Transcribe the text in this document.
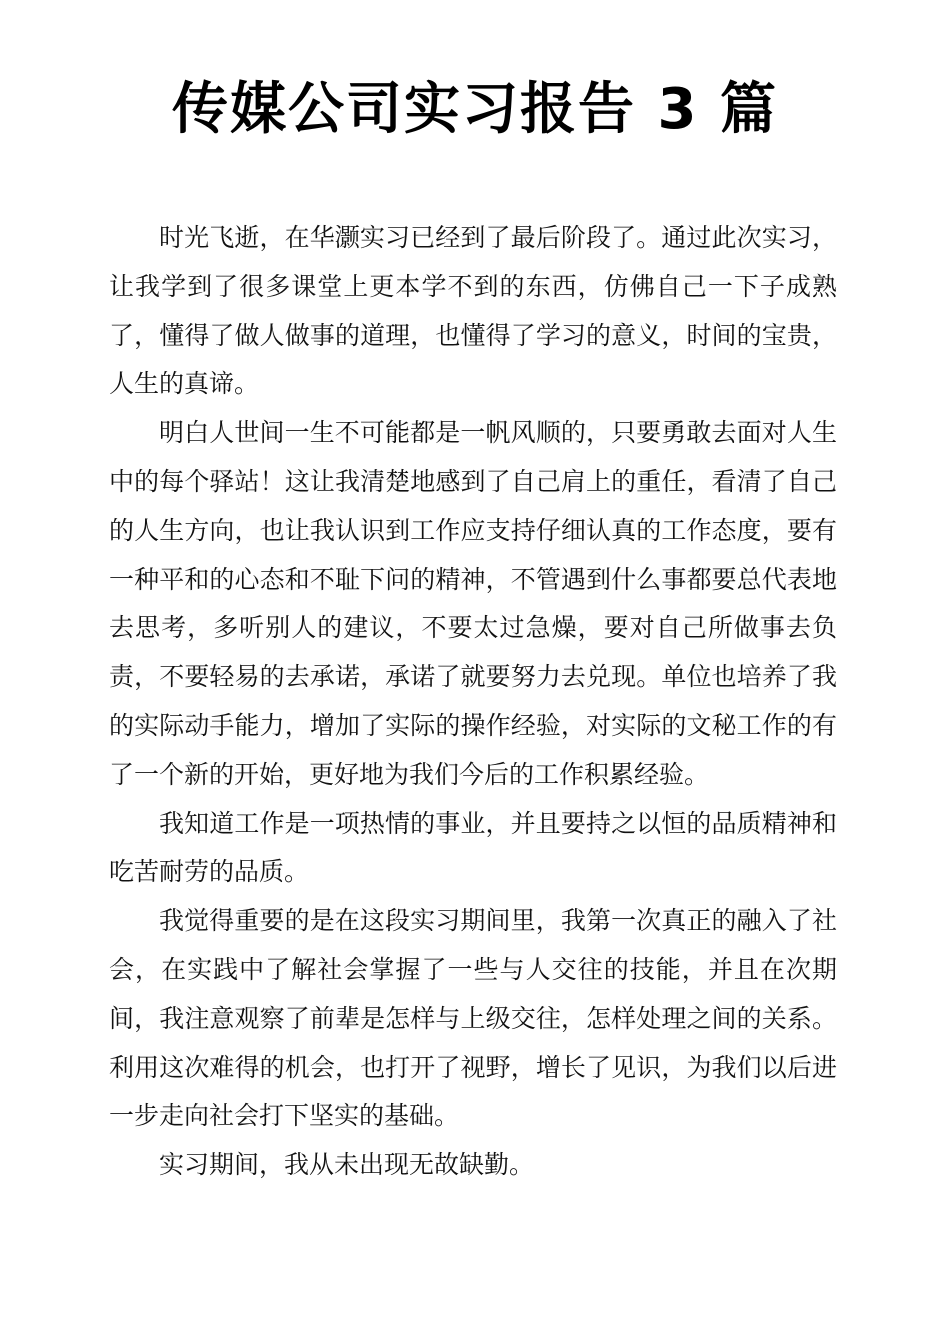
传媒公司实习报告 3 篇

时光飞逝，在华灏实习已经到了最后阶段了。通过此次实习，让我学到了很多课堂上更本学不到的东西，仿佛自己一下子成熟了，懂得了做人做事的道理，也懂得了学习的意义，时间的宝贵，人生的真谛。

明白人世间一生不可能都是一帆风顺的，只要勇敢去面对人生中的每个驿站！这让我清楚地感到了自己肩上的重任，看清了自己的人生方向，也让我认识到工作应支持仔细认真的工作态度，要有一种平和的心态和不耻下问的精神，不管遇到什么事都要总代表地去思考，多听别人的建议，不要太过急燥，要对自己所做事去负责，不要轻易的去承诺，承诺了就要努力去兑现。单位也培养了我的实际动手能力，增加了实际的操作经验，对实际的文秘工作的有了一个新的开始，更好地为我们今后的工作积累经验。

我知道工作是一项热情的事业，并且要持之以恒的品质精神和吃苦耐劳的品质。

我觉得重要的是在这段实习期间里，我第一次真正的融入了社会，在实践中了解社会掌握了一些与人交往的技能，并且在次期间，我注意观察了前辈是怎样与上级交往，怎样处理之间的关系。利用这次难得的机会，也打开了视野，增长了见识，为我们以后进一步走向社会打下坚实的基础。

实习期间，我从未出现无故缺勤。
